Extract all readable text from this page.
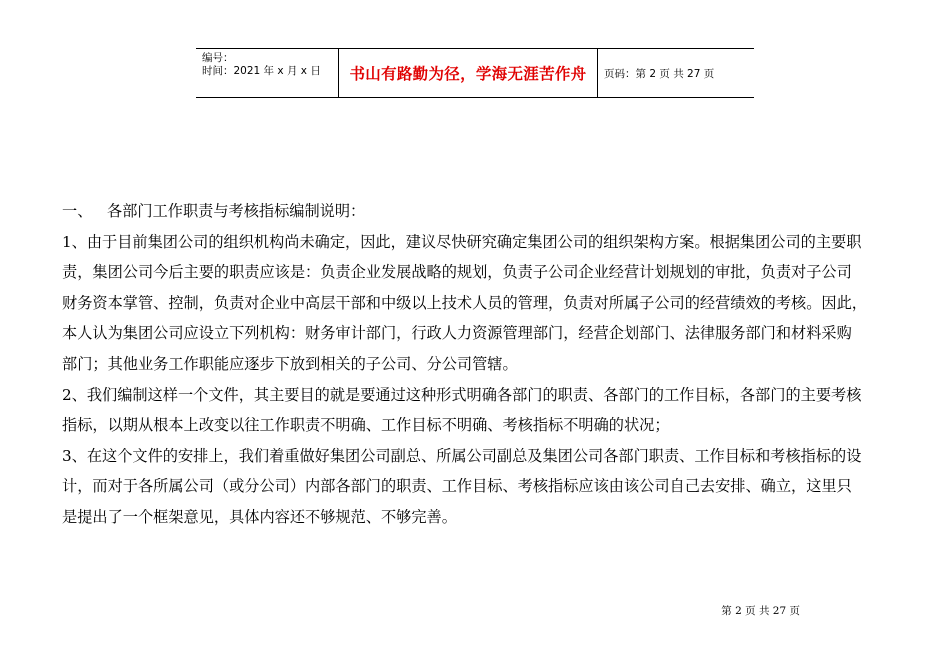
编号：
时间：2021 年 x 月 x 日	书山有路勤为径，学海无涯苦作舟	页码：第 2 页 共 27 页

一、 各部门工作职责与考核指标编制说明：

1、由于目前集团公司的组织机构尚未确定，因此，建议尽快研究确定集团公司的组织架构方案。根据集团公司的主要职
责，集团公司今后主要的职责应该是：负责企业发展战略的规划，负责子公司企业经营计划规划的审批，负责对子公司
财务资本掌管、控制，负责对企业中高层干部和中级以上技术人员的管理，负责对所属子公司的经营绩效的考核。因此，
本人认为集团公司应设立下列机构：财务审计部门，行政人力资源管理部门，经营企划部门、法律服务部门和材料采购
部门；其他业务工作职能应逐步下放到相关的子公司、分公司管辖。

2、我们编制这样一个文件，其主要目的就是要通过这种形式明确各部门的职责、各部门的工作目标，各部门的主要考核
指标，以期从根本上改变以往工作职责不明确、工作目标不明确、考核指标不明确的状况；

3、在这个文件的安排上，我们着重做好集团公司副总、所属公司副总及集团公司各部门职责、工作目标和考核指标的设
计，而对于各所属公司（或分公司）内部各部门的职责、工作目标、考核指标应该由该公司自己去安排、确立，这里只
是提出了一个框架意见，具体内容还不够规范、不够完善。

第 2 页 共 27 页
